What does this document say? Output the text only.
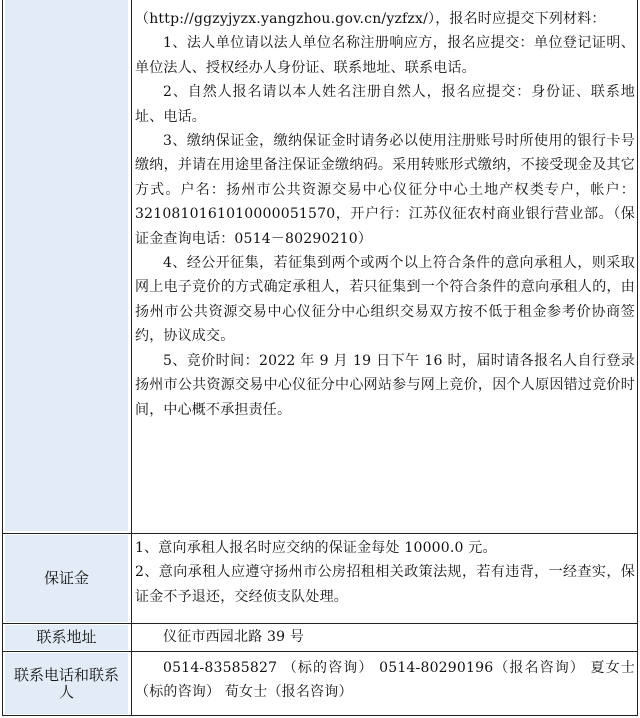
（http://ggzyjyzx.yangzhou.gov.cn/yzfzx/），报名时应提交下列材料：

1、法人单位请以法人单位名称注册响应方，报名应提交：单位登记证明、单位法人、授权经办人身份证、联系地址、联系电话。

2、自然人报名请以本人姓名注册自然人，报名应提交：身份证、联系地址、电话。

3、缴纳保证金，缴纳保证金时请务必以使用注册账号时所使用的银行卡号缴纳，并请在用途里备注保证金缴纳码。采用转账形式缴纳，不接受现金及其它方式。户名：扬州市公共资源交易中心仪征分中心土地产权类专户，帐户：3210810161010000051570，开户行：江苏仪征农村商业银行营业部。（保证金查询电话：0514－80290210）

4、经公开征集，若征集到两个或两个以上符合条件的意向承租人，则采取网上电子竞价的方式确定承租人，若只征集到一个符合条件的意向承租人的，由扬州市公共资源交易中心仪征分中心组织交易双方按不低于租金参考价协商签约，协议成交。

5、竞价时间：2022 年 9 月 19 日下午 16 时，届时请各报名人自行登录扬州市公共资源交易中心仪征分中心网站参与网上竞价，因个人原因错过竞价时间，中心概不承担责任。

保证金

1、意向承租人报名时应交纳的保证金每处 10000.0 元。

2、意向承租人应遵守扬州市公房招租相关政策法规，若有违背，一经查实，保证金不予退还，交经侦支队处理。

联系地址	仪征市西园北路 39 号

联系电话和联系人

0514-83585827 （标的咨询） 0514-80290196（报名咨询） 夏女士（标的咨询） 荀女士（报名咨询）
